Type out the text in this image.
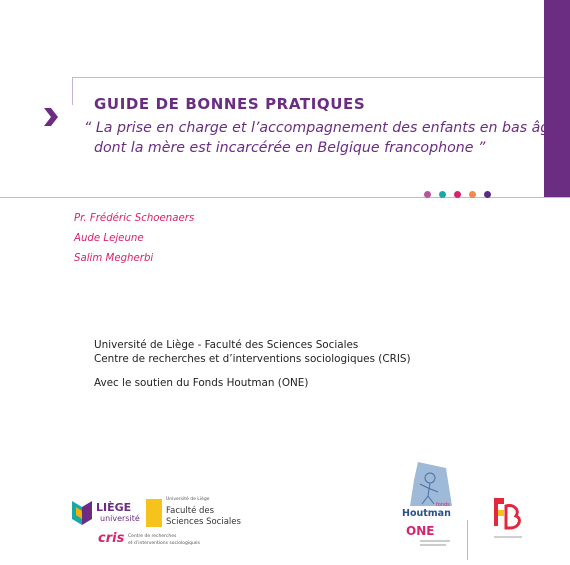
GUIDE DE BONNES PRATIQUES
“ La prise en charge et l’accompagnement des enfants en bas âge
dont la mère est incarcérée en Belgique francophone ”
Pr. Frédéric Schoenaers
Aude Lejeune
Salim Megherbi
Université de Liège - Faculté des Sciences Sociales
Centre de recherches et d’interventions sociologiques (CRIS)
Avec le soutien du Fonds Houtman (ONE)
LIÈGE
université
Université de Liège
Faculté des
Sciences Sociales
cris Centre de recherches
et d’interventions sociologiques
fonds
Houtman
ONE
